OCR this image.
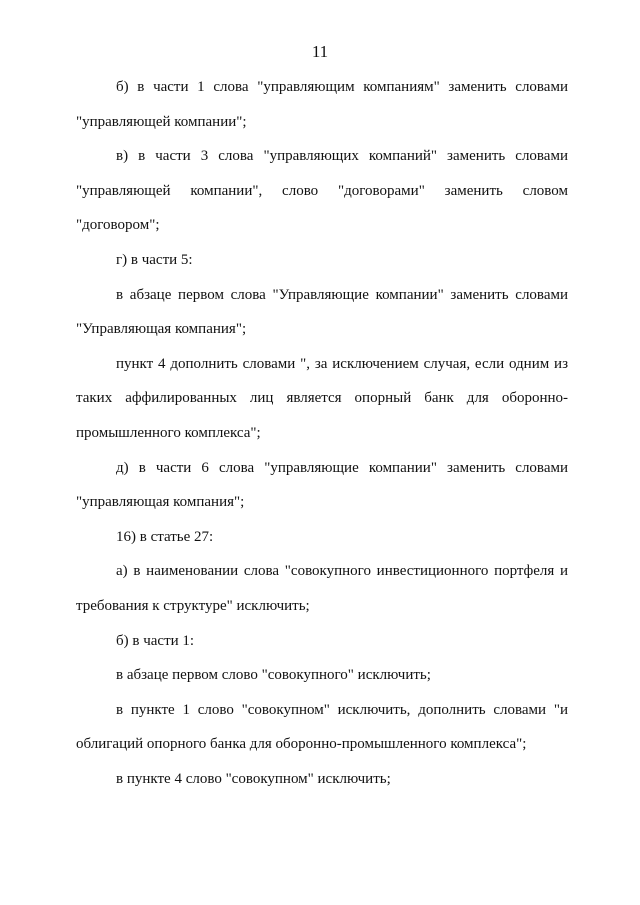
11

б) в части 1 слова "управляющим компаниям" заменить словами "управляющей компании";

в) в части 3 слова "управляющих компаний" заменить словами "управляющей компании", слово "договорами" заменить словом "договором";

г) в части 5:

в абзаце первом слова "Управляющие компании" заменить словами "Управляющая компания";

пункт 4 дополнить словами ", за исключением случая, если одним из таких аффилированных лиц является опорный банк для оборонно-промышленного комплекса";

д) в части 6 слова "управляющие компании" заменить словами "управляющая компания";

16) в статье 27:

а) в наименовании слова "совокупного инвестиционного портфеля и требования к структуре" исключить;

б) в части 1:

в абзаце первом слово "совокупного" исключить;

в пункте 1 слово "совокупном" исключить, дополнить словами "и облигаций опорного банка для оборонно-промышленного комплекса";

в пункте 4 слово "совокупном" исключить;
